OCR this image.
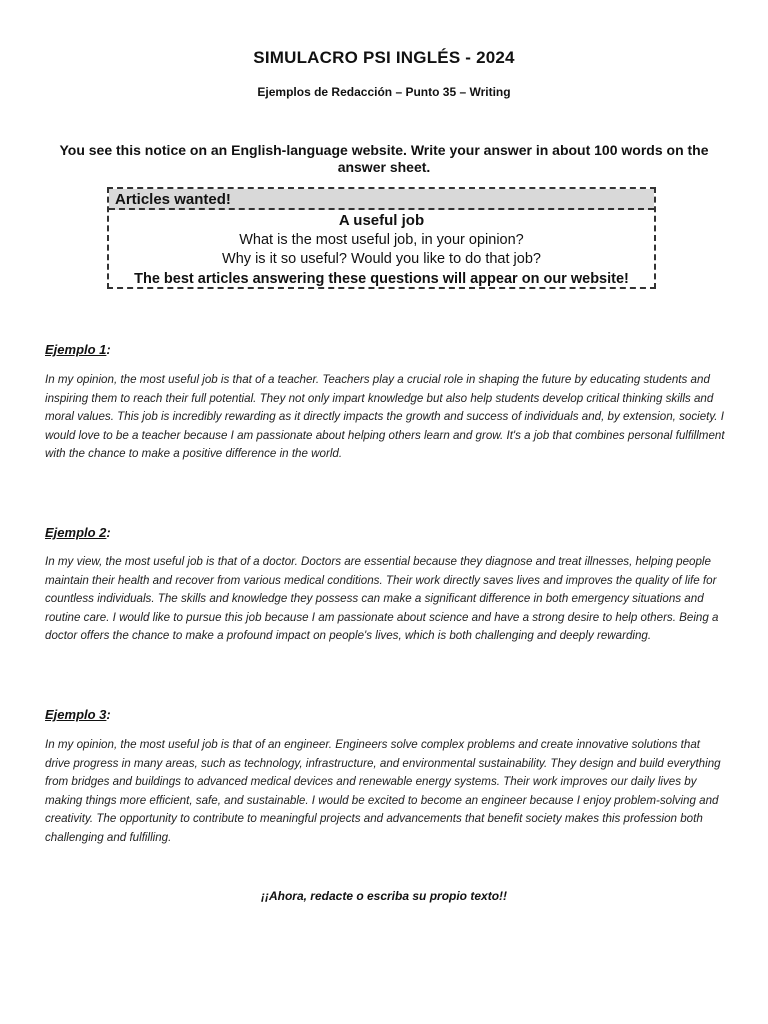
SIMULACRO PSI INGLÉS - 2024
Ejemplos de Redacción – Punto 35 – Writing
You see this notice on an English-language website. Write your answer in about 100 words on the answer sheet.
Articles wanted!
A useful job
What is the most useful job, in your opinion?
Why is it so useful? Would you like to do that job?
The best articles answering these questions will appear on our website!
Ejemplo 1:
In my opinion, the most useful job is that of a teacher. Teachers play a crucial role in shaping the future by educating students and inspiring them to reach their full potential. They not only impart knowledge but also help students develop critical thinking skills and moral values. This job is incredibly rewarding as it directly impacts the growth and success of individuals and, by extension, society. I would love to be a teacher because I am passionate about helping others learn and grow. It's a job that combines personal fulfillment with the chance to make a positive difference in the world.
Ejemplo 2:
In my view, the most useful job is that of a doctor. Doctors are essential because they diagnose and treat illnesses, helping people maintain their health and recover from various medical conditions. Their work directly saves lives and improves the quality of life for countless individuals. The skills and knowledge they possess can make a significant difference in both emergency situations and routine care. I would like to pursue this job because I am passionate about science and have a strong desire to help others. Being a doctor offers the chance to make a profound impact on people's lives, which is both challenging and deeply rewarding.
Ejemplo 3:
In my opinion, the most useful job is that of an engineer. Engineers solve complex problems and create innovative solutions that drive progress in many areas, such as technology, infrastructure, and environmental sustainability. They design and build everything from bridges and buildings to advanced medical devices and renewable energy systems. Their work improves our daily lives by making things more efficient, safe, and sustainable. I would be excited to become an engineer because I enjoy problem-solving and creativity. The opportunity to contribute to meaningful projects and advancements that benefit society makes this profession both challenging and fulfilling.
¡¡Ahora, redacte o escriba su propio texto!!
